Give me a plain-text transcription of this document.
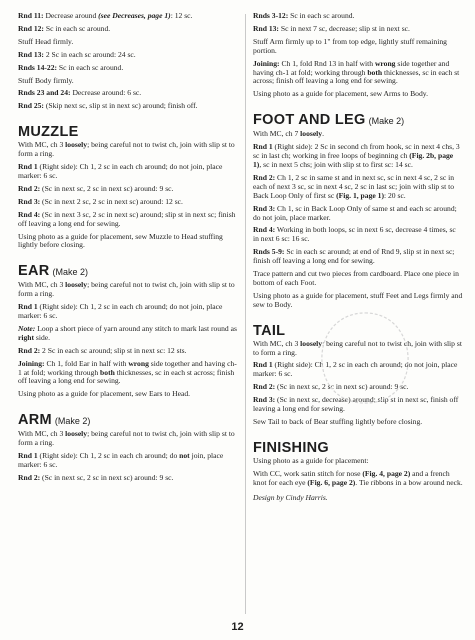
Rnd 11: Decrease around (see Decreases, page 1): 12 sc.

Rnd 12: Sc in each sc around.

Stuff Head firmly.

Rnd 13: 2 Sc in each sc around: 24 sc.

Rnds 14-22: Sc in each sc around.

Stuff Body firmly.

Rnds 23 and 24: Decrease around: 6 sc.

Rnd 25: (Skip next sc, slip st in next sc) around; finish off.

MUZZLE

With MC, ch 3 loosely; being careful not to twist ch, join with slip st to form a ring.

Rnd 1 (Right side): Ch 1, 2 sc in each ch around; do not join, place marker: 6 sc.

Rnd 2: (Sc in next sc, 2 sc in next sc) around: 9 sc.

Rnd 3: (Sc in next 2 sc, 2 sc in next sc) around: 12 sc.

Rnd 4: (Sc in next 3 sc, 2 sc in next sc) around; slip st in next sc; finish off leaving a long end for sewing.

Using photo as a guide for placement, sew Muzzle to Head stuffing lightly before closing.

EAR (Make 2)

With MC, ch 3 loosely; being careful not to twist ch, join with slip st to form a ring.

Rnd 1 (Right side): Ch 1, 2 sc in each ch around; do not join, place marker: 6 sc.

Note: Loop a short piece of yarn around any stitch to mark last round as right side.

Rnd 2: 2 Sc in each sc around; slip st in next sc: 12 sts.

Joining: Ch 1, fold Ear in half with wrong side together and having ch-1 at fold; working through both thicknesses, sc in each st across; finish off leaving a long end for sewing.

Using photo as a guide for placement, sew Ears to Head.

ARM (Make 2)

With MC, ch 3 loosely; being careful not to twist ch, join with slip st to form a ring.

Rnd 1 (Right side): Ch 1, 2 sc in each ch around; do not join, place marker: 6 sc.

Rnd 2: (Sc in next sc, 2 sc in next sc) around: 9 sc.

Rnds 3-12: Sc in each sc around.

Rnd 13: Sc in next 7 sc, decrease; slip st in next sc.

Stuff Arm firmly up to 1" from top edge, lightly stuff remaining portion.

Joining: Ch 1, fold Rnd 13 in half with wrong side together and having ch-1 at fold; working through both thicknesses, sc in each st across; finish off leaving a long end for sewing.

Using photo as a guide for placement, sew Arms to Body.

FOOT AND LEG (Make 2)

With MC, ch 7 loosely.

Rnd 1 (Right side): 2 Sc in second ch from hook, sc in next 4 chs, 3 sc in last ch; working in free loops of beginning ch (Fig. 2b, page 1), sc in next 5 chs; join with slip st to first sc: 14 sc.

Rnd 2: Ch 1, 2 sc in same st and in next sc, sc in next 4 sc, 2 sc in each of next 3 sc, sc in next 4 sc, 2 sc in last sc; join with slip st to Back Loop Only of first sc (Fig. 1, page 1): 20 sc.

Rnd 3: Ch 1, sc in Back Loop Only of same st and each sc around; do not join, place marker.

Rnd 4: Working in both loops, sc in next 6 sc, decrease 4 times, sc in next 6 sc: 16 sc.

Rnds 5-9: Sc in each sc around; at end of Rnd 9, slip st in next sc; finish off leaving a long end for sewing.

Trace pattern and cut two pieces from cardboard. Place one piece in bottom of each Foot.

Using photo as a guide for placement, stuff Feet and Legs firmly and sew to Body.

TAIL

With MC, ch 3 loosely; being careful not to twist ch, join with slip st to form a ring.

Rnd 1 (Right side): Ch 1, 2 sc in each ch around; do not join, place marker: 6 sc.

Rnd 2: (Sc in next sc, 2 sc in next sc) around: 9 sc.

Rnd 3: (Sc in next sc, decrease) around; slip st in next sc, finish off leaving a long end for sewing.

Sew Tail to back of Bear stuffing lightly before closing.

FINISHING

Using photo as a guide for placement:

With CC, work satin stitch for nose (Fig. 4, page 2) and a french knot for each eye (Fig. 6, page 2). Tie ribbons in a bow around neck.

Design by Cindy Harris.

12
